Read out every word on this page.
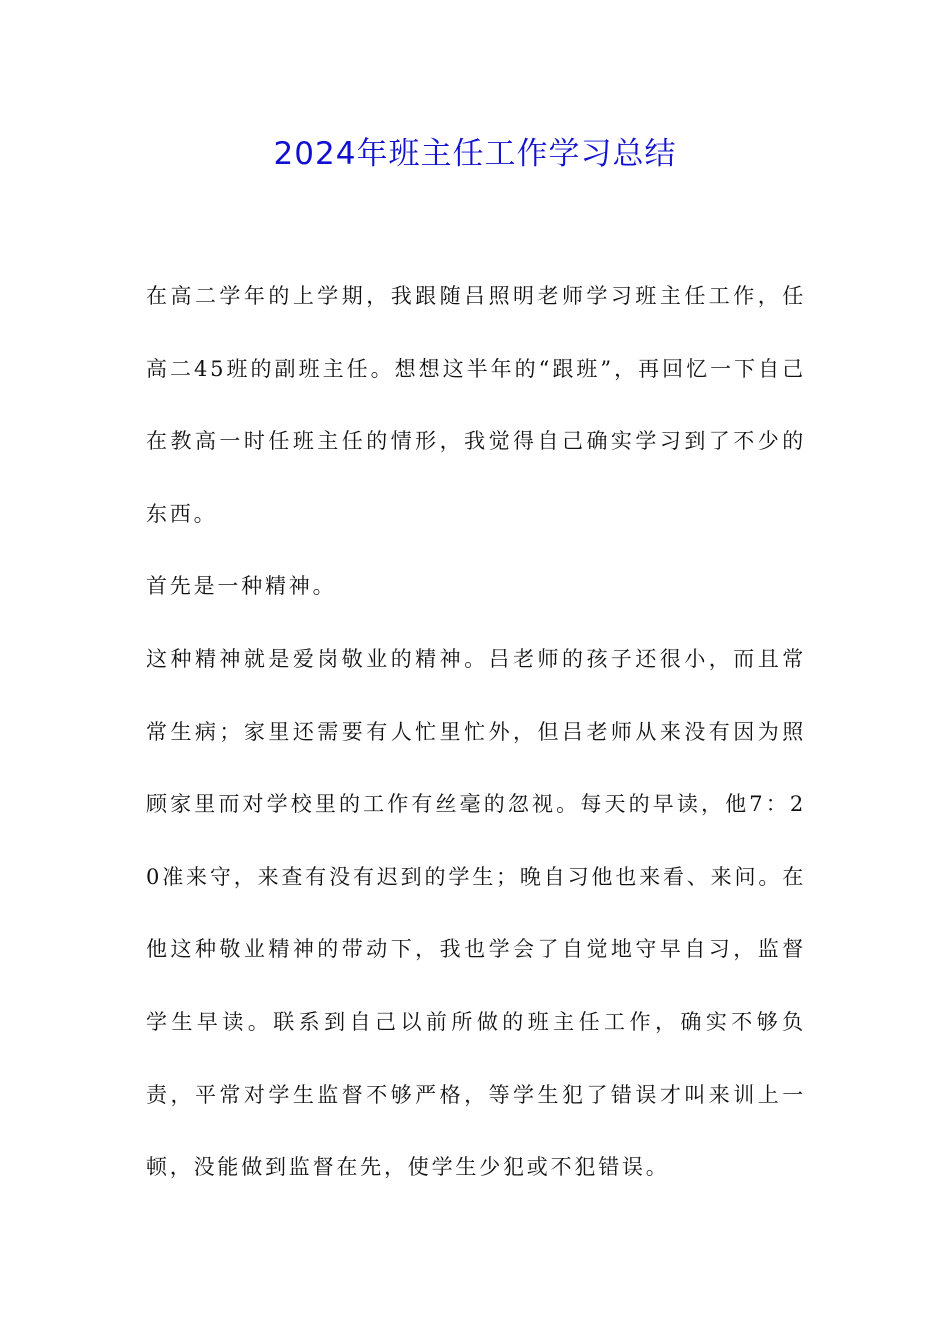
2024年班主任工作学习总结

在高二学年的上学期，我跟随吕照明老师学习班主任工作，任高二45班的副班主任。想想这半年的“跟班”，再回忆一下自己在教高一时任班主任的情形，我觉得自己确实学习到了不少的东西。

首先是一种精神。

这种精神就是爱岗敬业的精神。吕老师的孩子还很小，而且常常生病；家里还需要有人忙里忙外，但吕老师从来没有因为照顾家里而对学校里的工作有丝毫的忽视。每天的早读，他7：20准来守，来查有没有迟到的学生；晚自习他也来看、来问。在他这种敬业精神的带动下，我也学会了自觉地守早自习，监督学生早读。联系到自己以前所做的班主任工作，确实不够负责，平常对学生监督不够严格，等学生犯了错误才叫来训上一顿，没能做到监督在先，使学生少犯或不犯错误。
